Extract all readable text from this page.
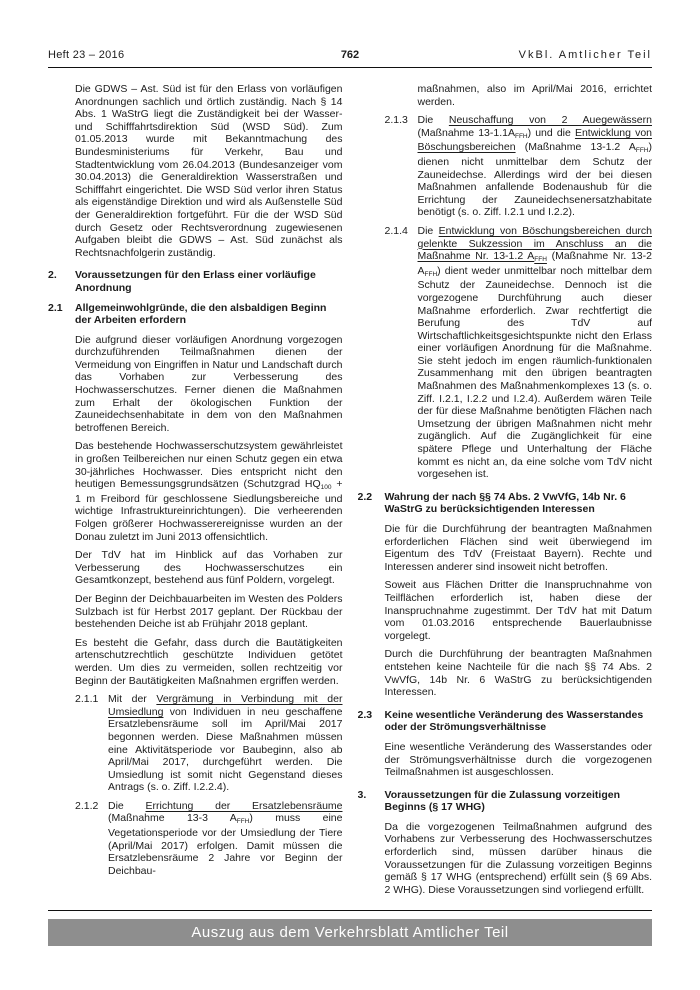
Heft 23 – 2016	762	VkBl. Amtlicher Teil

Die GDWS – Ast. Süd ist für den Erlass von vorläufigen Anordnungen sachlich und örtlich zuständig. Nach § 14 Abs. 1 WaStrG liegt die Zuständigkeit bei der Wasser- und Schifffahrtsdirektion Süd (WSD Süd). Zum 01.05.2013 wurde mit Bekanntmachung des Bundesministeriums für Verkehr, Bau und Stadtentwicklung vom 26.04.2013 (Bundesanzeiger vom 30.04.2013) die Generaldirektion Wasserstraßen und Schifffahrt eingerichtet. Die WSD Süd verlor ihren Status als eigenständige Direktion und wird als Außenstelle Süd der Generaldirektion fortgeführt. Für die der WSD Süd durch Gesetz oder Rechtsverordnung zugewiesenen Aufgaben bleibt die GDWS – Ast. Süd zunächst als Rechtsnachfolgerin zuständig.

2.	Voraussetzungen für den Erlass einer vorläufige Anordnung
2.1	Allgemeinwohlgründe, die den alsbaldigen Beginn der Arbeiten erfordern

Die aufgrund dieser vorläufigen Anordnung vorgezogen durchzuführenden Teilmaßnahmen dienen der Vermeidung von Eingriffen in Natur und Landschaft durch das Vorhaben zur Verbesserung des Hochwasserschutzes. Ferner dienen die Maßnahmen zum Erhalt der ökologischen Funktion der Zauneidechsenhabitate in dem von den Maßnahmen betroffenen Bereich.

Das bestehende Hochwasserschutzsystem gewährleistet in großen Teilbereichen nur einen Schutz gegen ein etwa 30-jährliches Hochwasser. Dies entspricht nicht den heutigen Bemessungsgrundsätzen (Schutzgrad HQ100 + 1 m Freibord für geschlossene Siedlungsbereiche und wichtige Infrastruktureinrichtungen). Die verheerenden Folgen größerer Hochwasserereignisse wurden an der Donau zuletzt im Juni 2013 offensichtlich.

Der TdV hat im Hinblick auf das Vorhaben zur Verbesserung des Hochwasserschutzes ein Gesamtkonzept, bestehend aus fünf Poldern, vorgelegt.

Der Beginn der Deichbauarbeiten im Westen des Polders Sulzbach ist für Herbst 2017 geplant. Der Rückbau der bestehenden Deiche ist ab Frühjahr 2018 geplant.

Es besteht die Gefahr, dass durch die Bautätigkeiten artenschutzrechtlich geschützte Individuen getötet werden. Um dies zu vermeiden, sollen rechtzeitig vor Beginn der Bautätigkeiten Maßnahmen ergriffen werden.

2.1.1 Mit der Vergrämung in Verbindung mit der Umsiedlung von Individuen in neu geschaffene Ersatzlebensräume soll im April/Mai 2017 begonnen werden. Diese Maßnahmen müssen eine Aktivitätsperiode vor Baubeginn, also ab April/Mai 2017, durchgeführt werden. Die Umsiedlung ist somit nicht Gegenstand dieses Antrags (s. o. Ziff. I.2.2.4).
2.1.2 Die Errichtung der Ersatzlebensräume (Maßnahme 13-3 AFFH) muss eine Vegetationsperiode vor der Umsiedlung der Tiere (April/Mai 2017) erfolgen. Damit müssen die Ersatzlebensräume 2 Jahre vor Beginn der Deichbau-

maßnahmen, also im April/Mai 2016, errichtet werden.

2.1.3 Die Neuschaffung von 2 Auegewässern (Maßnahme 13-1.1AFFH) und die Entwicklung von Böschungsbereichen (Maßnahme 13-1.2 AFFH) dienen nicht unmittelbar dem Schutz der Zauneidechse. Allerdings wird der bei diesen Maßnahmen anfallende Bodenaushub für die Errichtung der Zauneidechsenersatzhabitate benötigt (s. o. Ziff. I.2.1 und I.2.2).
2.1.4 Die Entwicklung von Böschungsbereichen durch gelenkte Sukzession im Anschluss an die Maßnahme Nr. 13-1.2 AFFH (Maßnahme Nr. 13-2 AFFH) dient weder unmittelbar noch mittelbar dem Schutz der Zauneidechse. Dennoch ist die vorgezogene Durchführung auch dieser Maßnahme erforderlich. Zwar rechtfertigt die Berufung des TdV auf Wirtschaftlichkeitsgesichtspunkte nicht den Erlass einer vorläufigen Anordnung für die Maßnahme. Sie steht jedoch im engen räumlich-funktionalen Zusammenhang mit den übrigen beantragten Maßnahmen des Maßnahmenkomplexes 13 (s. o. Ziff. I.2.1, I.2.2 und I.2.4). Außerdem wären Teile der für diese Maßnahme benötigten Flächen nach Umsetzung der übrigen Maßnahmen nicht mehr zugänglich. Auf die Zugänglichkeit für eine spätere Pflege und Unterhaltung der Fläche kommt es nicht an, da eine solche vom TdV nicht vorgesehen ist.
2.2	Wahrung der nach §§ 74 Abs. 2 VwVfG, 14b Nr. 6 WaStrG zu berücksichtigenden Interessen

Die für die Durchführung der beantragten Maßnahmen erforderlichen Flächen sind weit überwiegend im Eigentum des TdV (Freistaat Bayern). Rechte und Interessen anderer sind insoweit nicht betroffen.

Soweit aus Flächen Dritter die Inanspruchnahme von Teilflächen erforderlich ist, haben diese der Inanspruchnahme zugestimmt. Der TdV hat mit Datum vom 01.03.2016 entsprechende Bauerlaubnisse vorgelegt.

Durch die Durchführung der beantragten Maßnahmen entstehen keine Nachteile für die nach §§ 74 Abs. 2 VwVfG, 14b Nr. 6 WaStrG zu berücksichtigenden Interessen.

2.3	Keine wesentliche Veränderung des Wasserstandes oder der Strömungsverhältnisse

Eine wesentliche Veränderung des Wasserstandes oder der Strömungsverhältnisse durch die vorgezogenen Teilmaßnahmen ist ausgeschlossen.

3.	Voraussetzungen für die Zulassung vorzeitigen Beginns (§ 17 WHG)

Da die vorgezogenen Teilmaßnahmen aufgrund des Vorhabens zur Verbesserung des Hochwasserschutzes erforderlich sind, müssen darüber hinaus die Voraussetzungen für die Zulassung vorzeitigen Beginns gemäß § 17 WHG (entsprechend) erfüllt sein (§ 69 Abs. 2 WHG). Diese Voraussetzungen sind vorliegend erfüllt.

Auszug aus dem Verkehrsblatt Amtlicher Teil
